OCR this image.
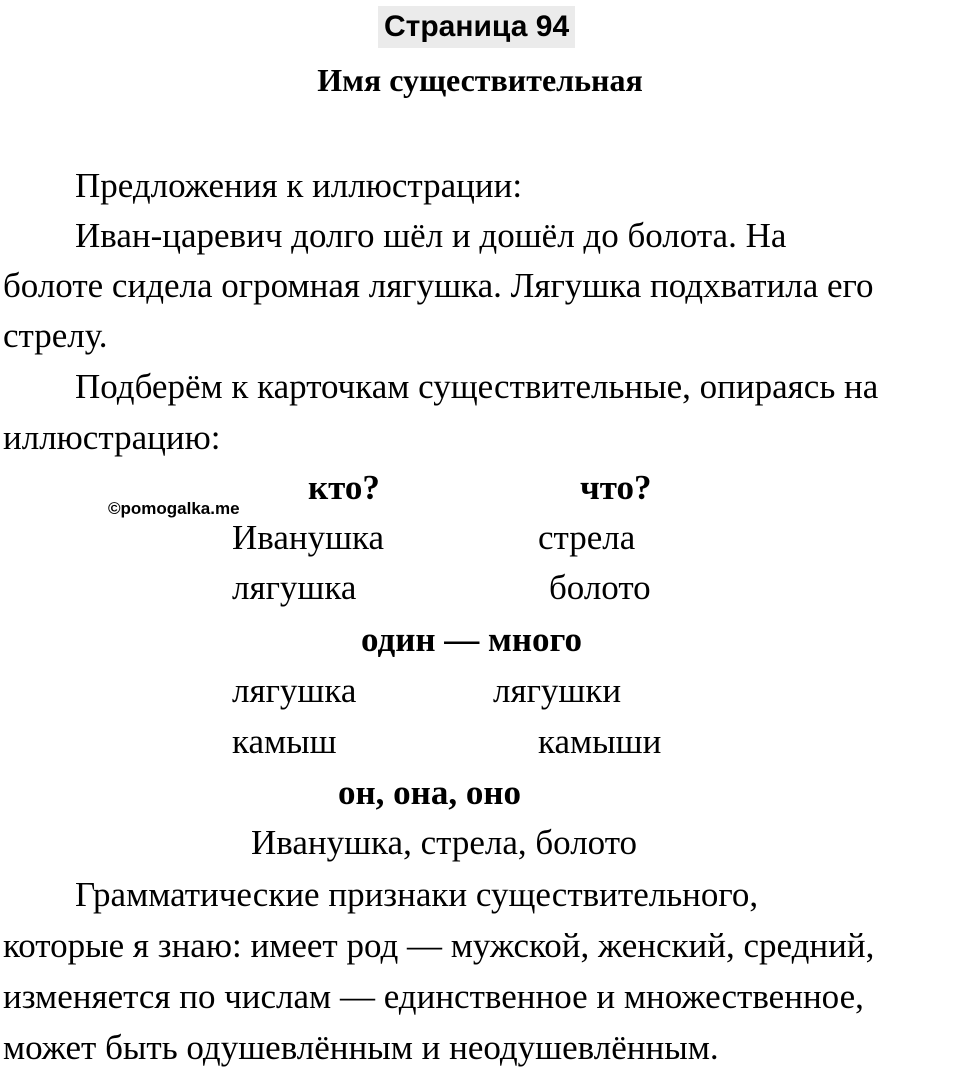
Страница 94
Имя существительная
Предложения к иллюстрации:
Иван-царевич долго шёл и дошёл до болота. На
болоте сидела огромная лягушка. Лягушка подхватила его
стрелу.
Подберём к карточкам существительные, опираясь на
иллюстрацию:
©pomogalka.me
кто?	что?
Иванушка	стрела
лягушка	болото
один — много
лягушка	лягушки
камыш	камыши
он, она, оно
Иванушка, стрела, болото
Грамматические признаки существительного,
которые я знаю: имеет род — мужской, женский, средний,
изменяется по числам — единственное и множественное,
может быть одушевлённым и неодушевлённым.
